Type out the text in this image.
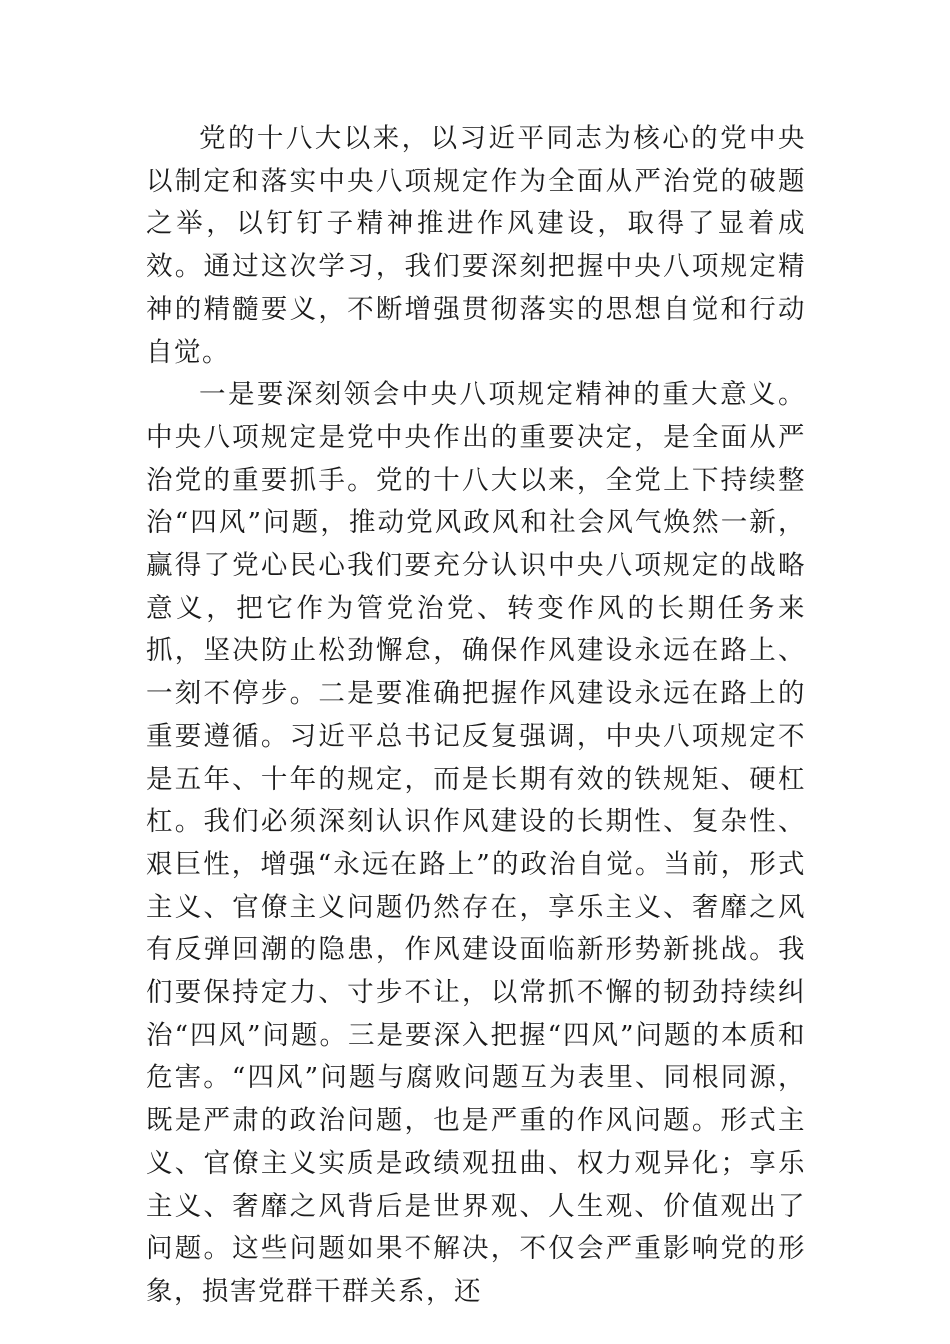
党的十八大以来，以习近平同志为核心的党中央以制定和落实中央八项规定作为全面从严治党的破题之举，以钉钉子精神推进作风建设，取得了显着成效。通过这次学习，我们要深刻把握中央八项规定精神的精髓要义，不断增强贯彻落实的思想自觉和行动自觉。

一是要深刻领会中央八项规定精神的重大意义。中央八项规定是党中央作出的重要决定，是全面从严治党的重要抓手。党的十八大以来，全党上下持续整治“四风”问题，推动党风政风和社会风气焕然一新，赢得了党心民心我们要充分认识中央八项规定的战略意义，把它作为管党治党、转变作风的长期任务来抓，坚决防止松劲懈怠，确保作风建设永远在路上、一刻不停步。二是要准确把握作风建设永远在路上的重要遵循。习近平总书记反复强调，中央八项规定不是五年、十年的规定，而是长期有效的铁规矩、硬杠杠。我们必须深刻认识作风建设的长期性、复杂性、艰巨性，增强“永远在路上”的政治自觉。当前，形式主义、官僚主义问题仍然存在，享乐主义、奢靡之风有反弹回潮的隐患，作风建设面临新形势新挑战。我们要保持定力、寸步不让，以常抓不懈的韧劲持续纠治“四风”问题。三是要深入把握“四风”问题的本质和危害。“四风”问题与腐败问题互为表里、同根同源，既是严肃的政治问题，也是严重的作风问题。形式主义、官僚主义实质是政绩观扭曲、权力观异化；享乐主义、奢靡之风背后是世界观、人生观、价值观出了问题。这些问题如果不解决，不仅会严重影响党的形象，损害党群干群关系，还
